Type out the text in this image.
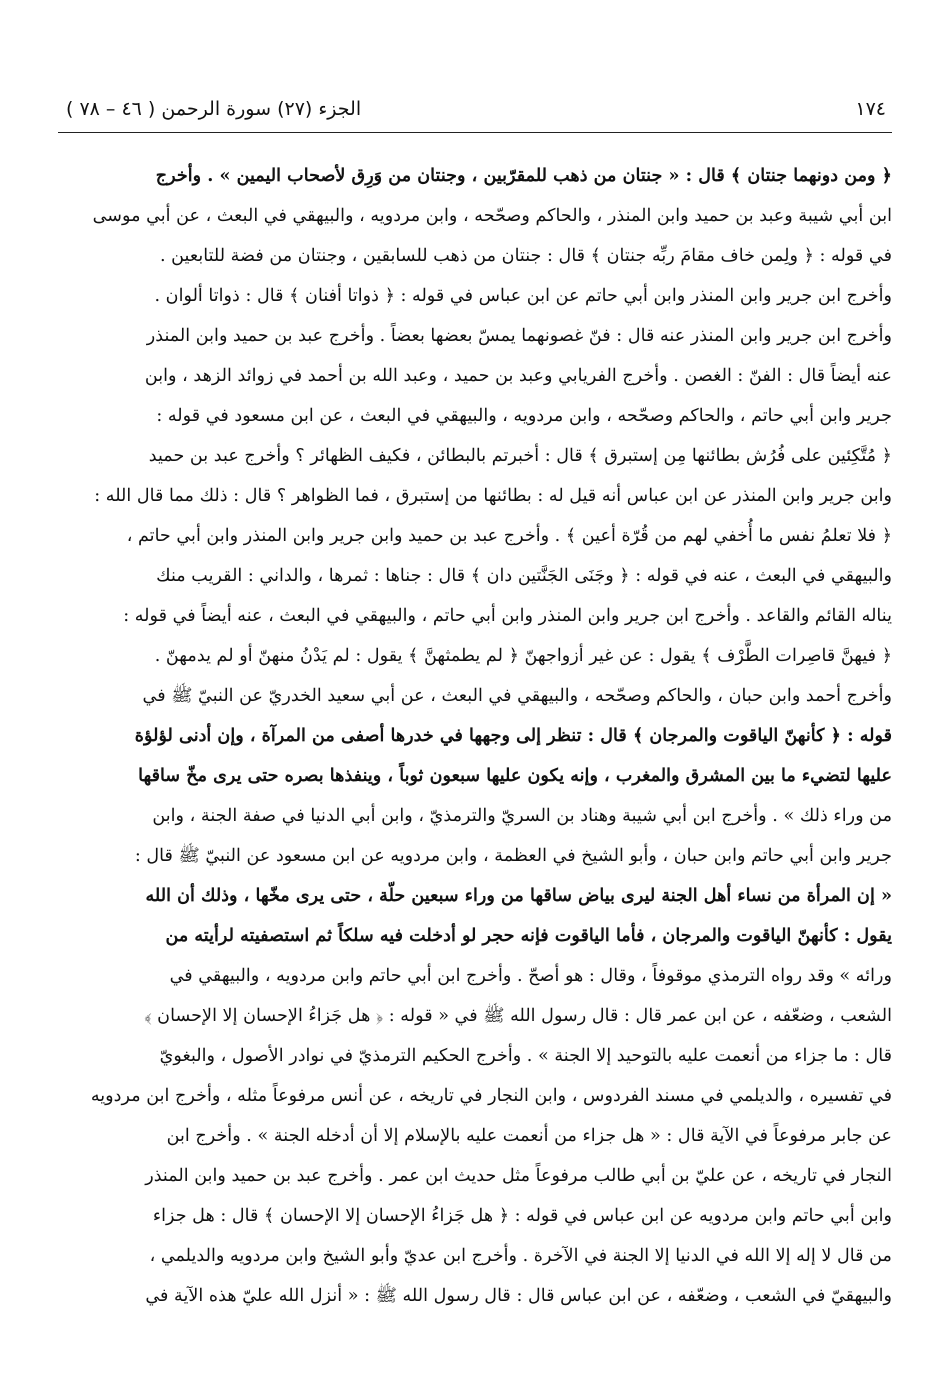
١٧٤
الجزء (٢٧) سورة الرحمن ( ٤٦ – ٧٨ )
﴿ ومن دونهما جنتان ﴾ قال : « جنتان من ذهب للمقرّبين ، وجنتان من وَرِق لأصحاب اليمين » . وأخرج
ابن أبي شيبة وعبد بن حميد وابن المنذر ، والحاكم وصحّحه ، وابن مردويه ، والبيهقي في البعث ، عن أبي موسى
في قوله : ﴿ ولِمن خاف مقامَ ربِّه جنتان ﴾ قال : جنتان من ذهب للسابقين ، وجنتان من فضة للتابعين .
وأخرج ابن جرير وابن المنذر وابن أبي حاتم عن ابن عباس في قوله : ﴿ ذواتا أفنان ﴾ قال : ذواتا ألوان .
وأخرج ابن جرير وابن المنذر عنه قال : فنّ غصونهما يمسّ بعضها بعضاً . وأخرج عبد بن حميد وابن المنذر
عنه أيضاً قال : الفنّ : الغصن . وأخرج الفريابي وعبد بن حميد ، وعبد الله بن أحمد في زوائد الزهد ، وابن
جرير وابن أبي حاتم ، والحاكم وصحّحه ، وابن مردويه ، والبيهقي في البعث ، عن ابن مسعود في قوله :
﴿ مُتَّكِئين على فُرُش بطائنها مِن إستبرق ﴾ قال : أخبرتم بالبطائن ، فكيف الظهائر ؟ وأخرج عبد بن حميد
وابن جرير وابن المنذر عن ابن عباس أنه قيل له : بطائنها من إستبرق ، فما الظواهر ؟ قال : ذلك مما قال الله :
﴿ فلا تعلمُ نفس ما أُخفي لهم من قُرّة أعين ﴾ . وأخرج عبد بن حميد وابن جرير وابن المنذر وابن أبي حاتم ،
والبيهقي في البعث ، عنه في قوله : ﴿ وجَنَى الجَنَّتين دان ﴾ قال : جناها : ثمرها ، والداني : القريب منك
يناله القائم والقاعد . وأخرج ابن جرير وابن المنذر وابن أبي حاتم ، والبيهقي في البعث ، عنه أيضاً في قوله :
﴿ فيهنَّ قاصِرات الطَّرْف ﴾ يقول : عن غير أزواجهنّ ﴿ لم يطمثهنَّ ﴾ يقول : لم يَدْنُ منهنّ أو لم يدمهنّ .
وأخرج أحمد وابن حبان ، والحاكم وصحّحه ، والبيهقي في البعث ، عن أبي سعيد الخدريّ عن النبيّ ﷺ في
قوله : ﴿ كأنهنّ الياقوت والمرجان ﴾ قال : تنظر إلى وجهها في خدرها أصفى من المرآة ، وإن أدنى لؤلؤة
عليها لتضيء ما بين المشرق والمغرب ، وإنه يكون عليها سبعون ثوباً ، وينفذها بصره حتى يرى مخّ ساقها
من وراء ذلك » . وأخرج ابن أبي شيبة وهناد بن السريّ والترمذيّ ، وابن أبي الدنيا في صفة الجنة ، وابن
جرير وابن أبي حاتم وابن حبان ، وأبو الشيخ في العظمة ، وابن مردويه عن ابن مسعود عن النبيّ ﷺ قال :
« إن المرأة من نساء أهل الجنة ليرى بياض ساقها من وراء سبعين حلّة ، حتى يرى مخّها ، وذلك أن الله
يقول : كأنهنّ الياقوت والمرجان ، فأما الياقوت فإنه حجر لو أدخلت فيه سلكاً ثم استصفيته لرأيته من
ورائه » وقد رواه الترمذي موقوفاً ، وقال : هو أصحّ . وأخرج ابن أبي حاتم وابن مردويه ، والبيهقي في
الشعب ، وضعّفه ، عن ابن عمر قال : قال رسول الله ﷺ في « قوله : ﴿ هل جَزاءُ الإحسان إلا الإحسان ﴾
قال : ما جزاء من أنعمت عليه بالتوحيد إلا الجنة » . وأخرج الحكيم الترمذيّ في نوادر الأصول ، والبغويّ
في تفسيره ، والديلمي في مسند الفردوس ، وابن النجار في تاريخه ، عن أنس مرفوعاً مثله ، وأخرج ابن مردويه
عن جابر مرفوعاً في الآية قال : « هل جزاء من أنعمت عليه بالإسلام إلا أن أدخله الجنة » . وأخرج ابن
النجار في تاريخه ، عن عليّ بن أبي طالب مرفوعاً مثل حديث ابن عمر . وأخرج عبد بن حميد وابن المنذر
وابن أبي حاتم وابن مردويه عن ابن عباس في قوله : ﴿ هل جَزاءُ الإحسان إلا الإحسان ﴾ قال : هل جزاء
من قال لا إله إلا الله في الدنيا إلا الجنة في الآخرة . وأخرج ابن عديّ وأبو الشيخ وابن مردويه والديلمي ،
والبيهقيّ في الشعب ، وضعّفه ، عن ابن عباس قال : قال رسول الله ﷺ : « أنزل الله عليّ هذه الآية في
